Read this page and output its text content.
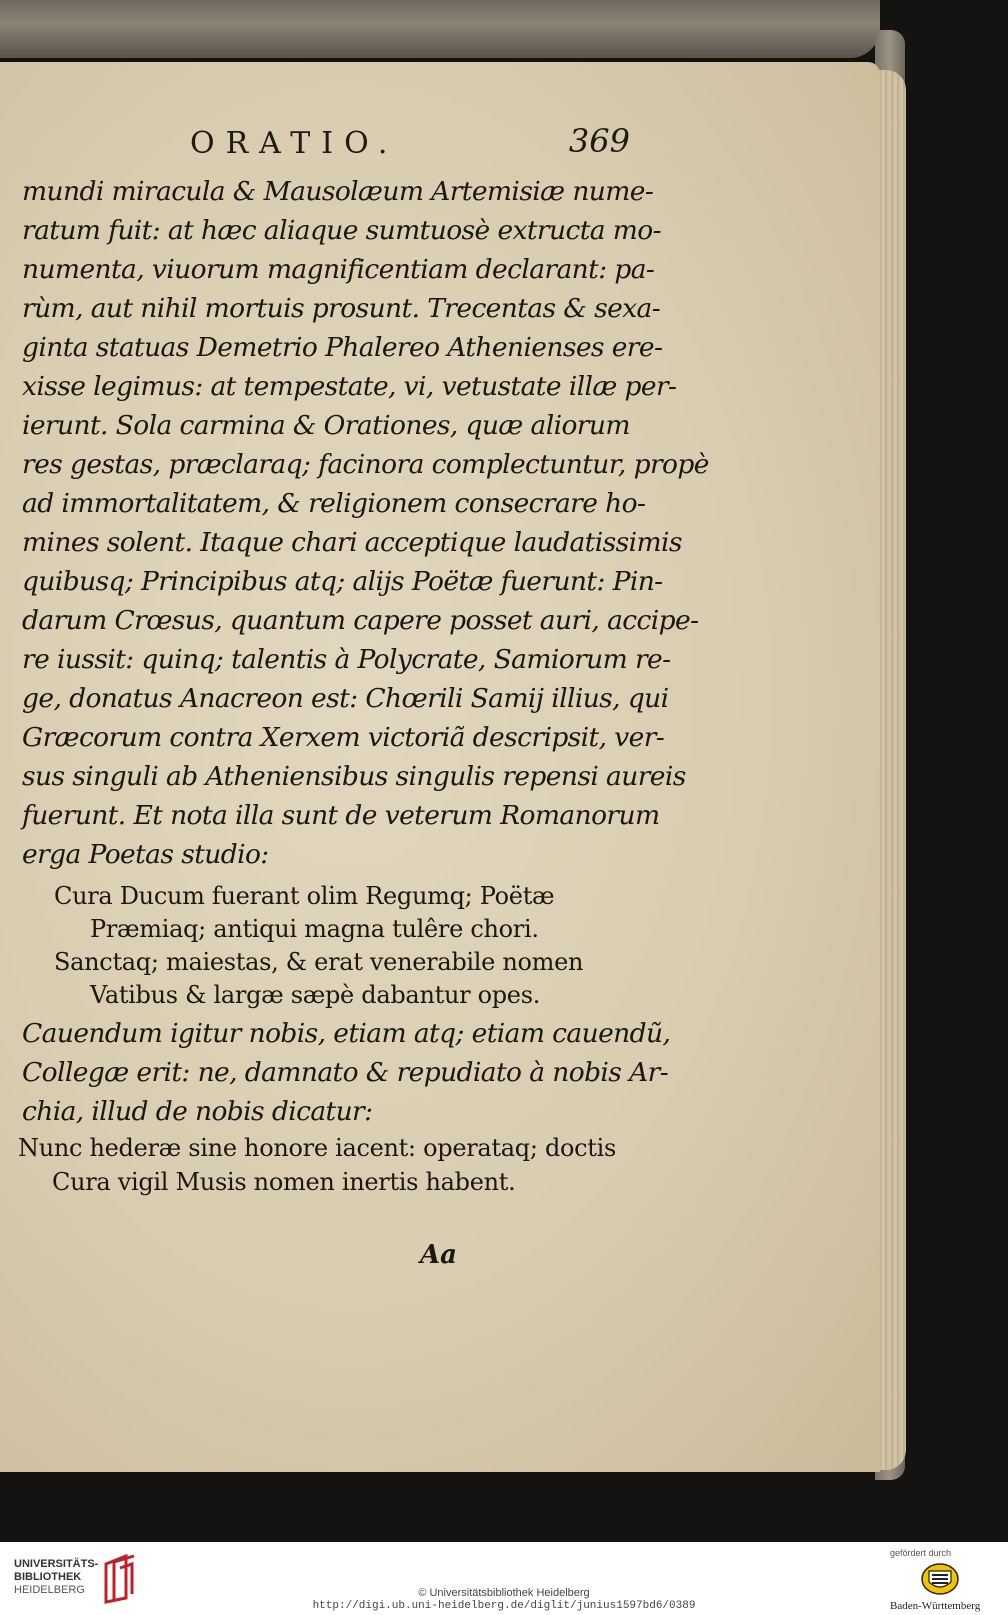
ORATIO.	369
mundi miracula & Mausolæum Artemisiæ nume-
ratum fuit: at hæc aliaque sumtuosè extructa mo-
numenta, viuorum magnificentiam declarant: pa-
rùm, aut nihil mortuis prosunt. Trecentas & sexa-
ginta statuas Demetrio Phalereo Athenienses ere-
xisse legimus: at tempestate, vi, vetustate illæ per-
ierunt. Sola carmina & Orationes, quæ aliorum
res gestas, præclaraq; facinora complectuntur, propè
ad immortalitatem, & religionem consecrare ho-
mines solent. Itaque chari acceptique laudatissimis
quibusq; Principibus atq; alijs Poëtæ fuerunt: Pin-
darum Crœsus, quantum capere posset auri, accipe-
re iussit: quinq; talentis à Polycrate, Samiorum re-
ge, donatus Anacreon est: Chœrili Samij illius, qui
Græcorum contra Xerxem victoriã descripsit, ver-
sus singuli ab Atheniensibus singulis repensi aureis
fuerunt. Et nota illa sunt de veterum Romanorum
erga Poetas studio:
Cura Ducum fuerant olim Regumq; Poëtæ
Præmiaq; antiqui magna tulêre chori.
Sanctaq; maiestas, & erat venerabile nomen
Vatibus & largæ sæpè dabantur opes.
Cauendum igitur nobis, etiam atq; etiam cauendũ,
Collegæ erit: ne, damnato & repudiato à nobis Ar-
chia, illud de nobis dicatur:
Nunc hederæ sine honore iacent: operataq; doctis
Cura vigil Musis nomen inertis habent.
Aa
UNIVERSITÄTS-
BIBLIOTHEK
HEIDELBERG	© Universitätsbibliothek Heidelberg
http://digi.ub.uni-heidelberg.de/diglit/junius1597bd6/0389
gefördert durch
Baden-Württemberg
